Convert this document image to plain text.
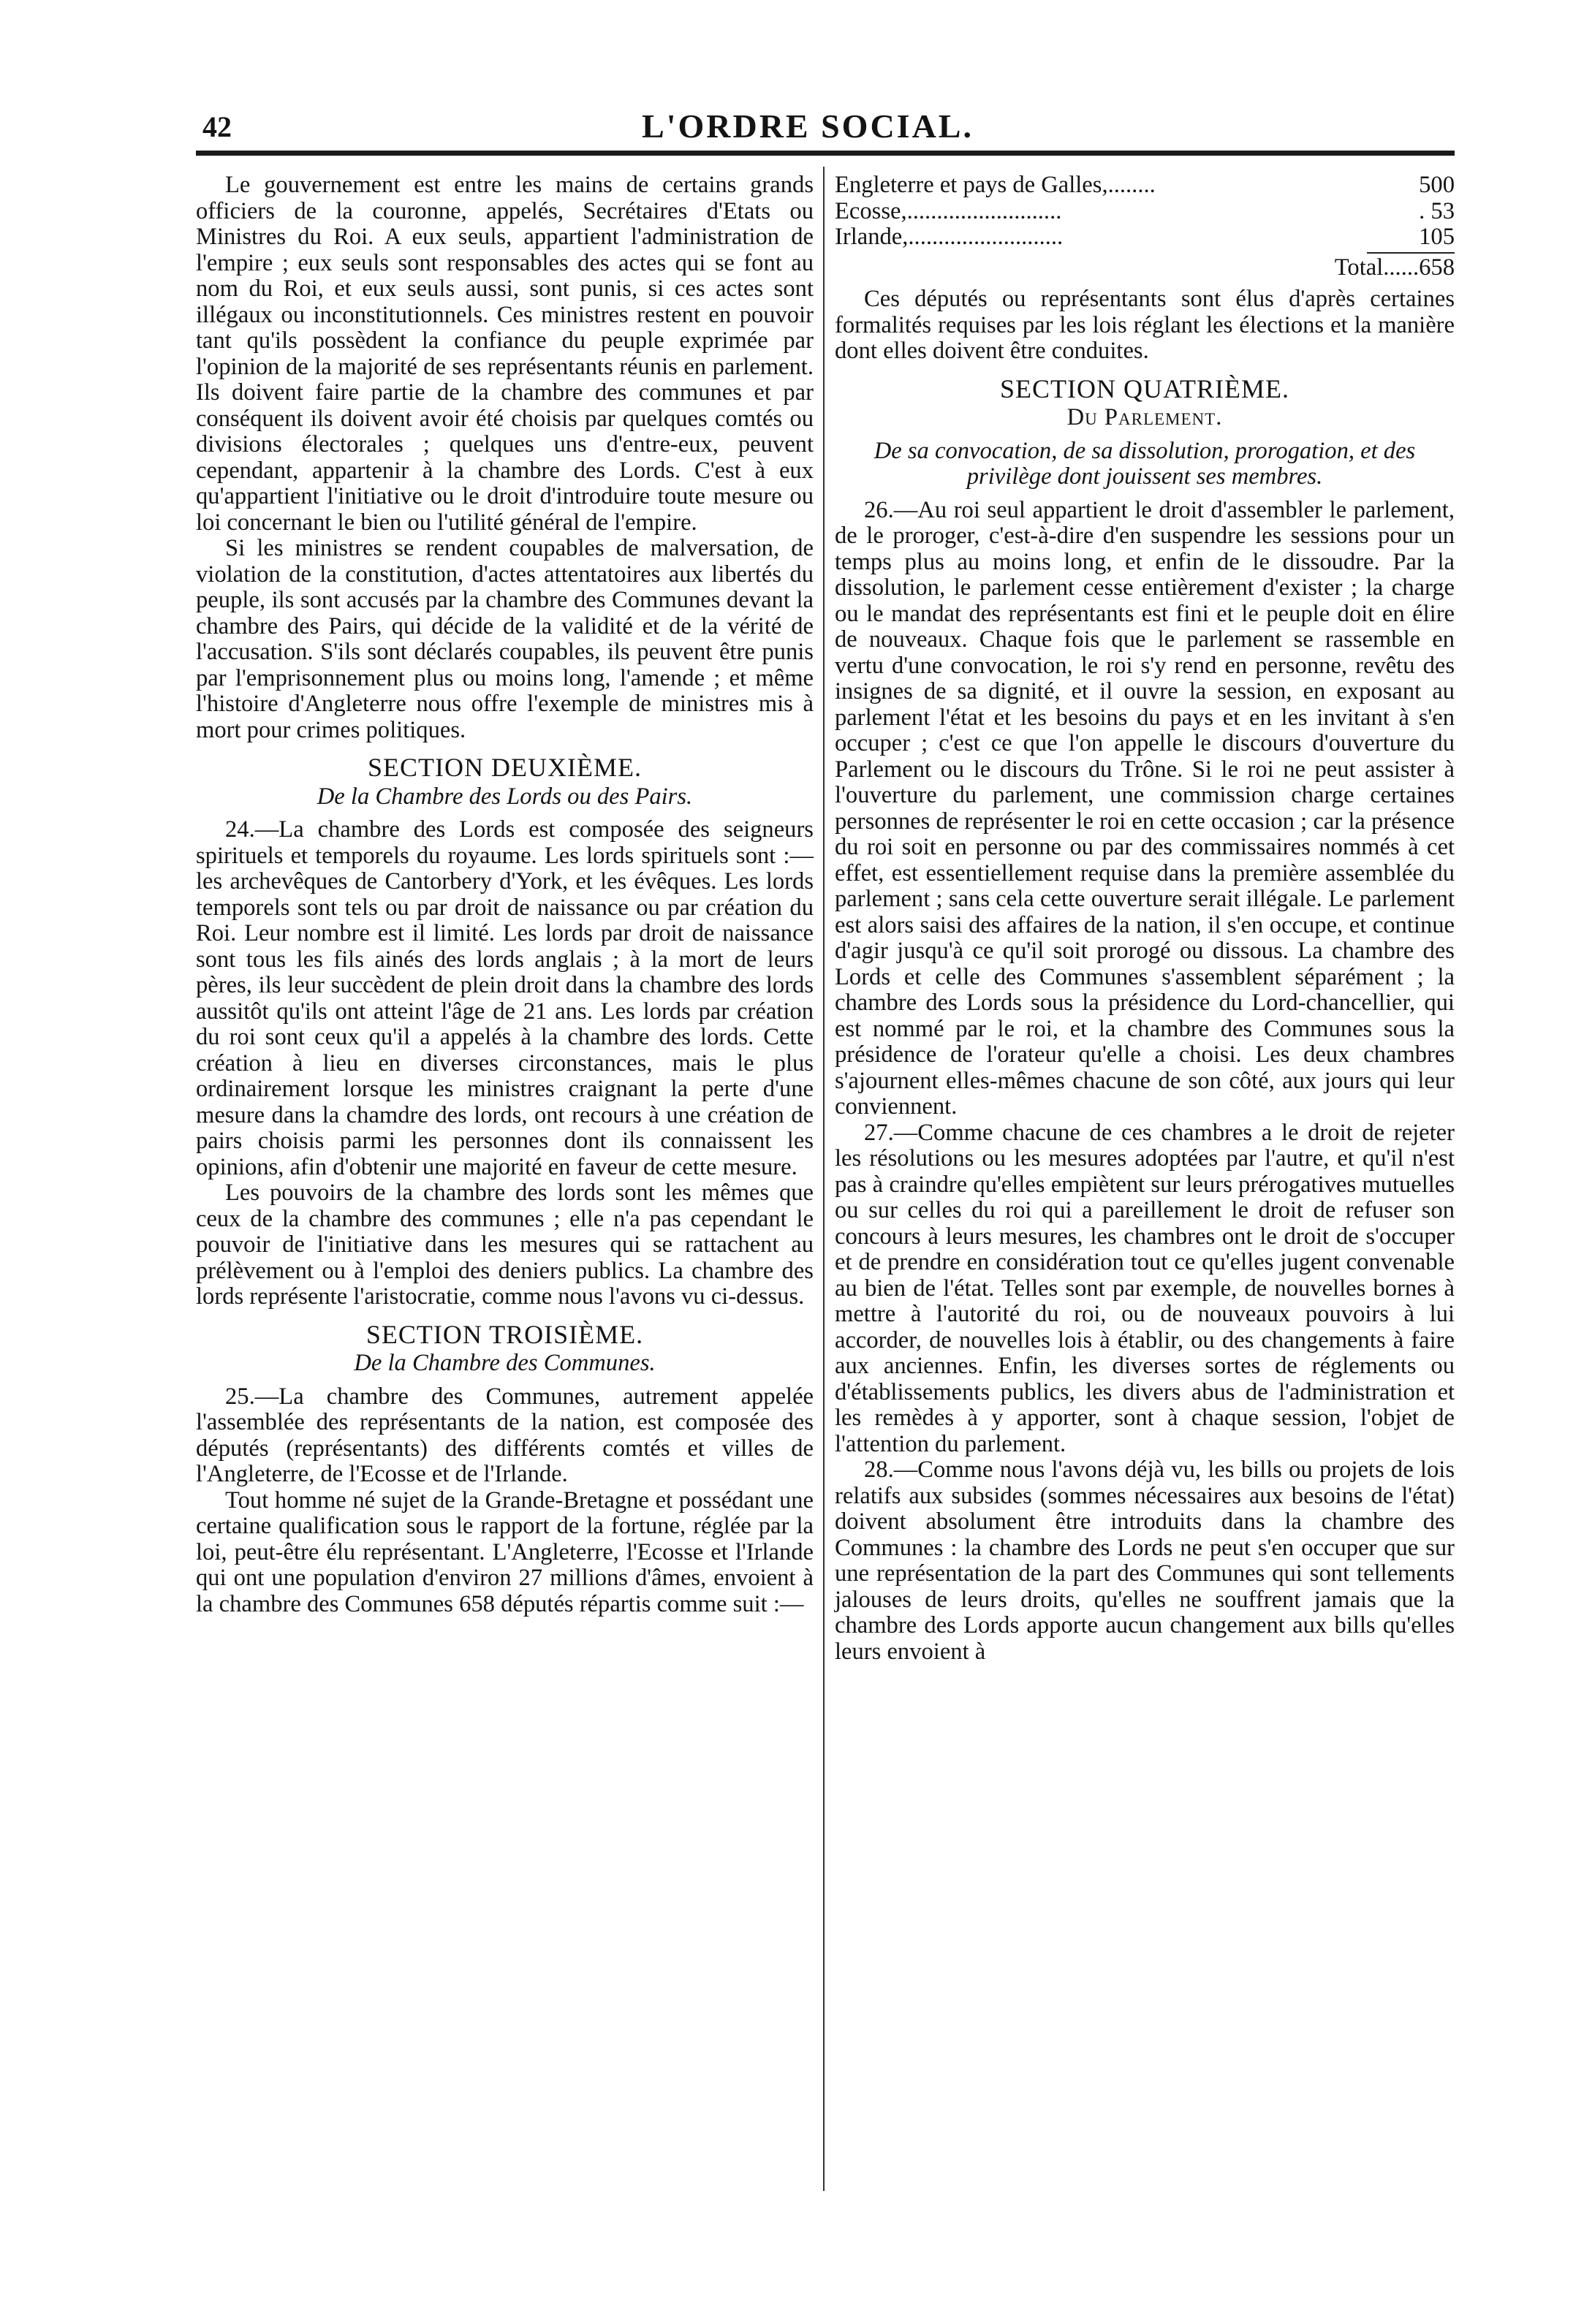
42	L'ORDRE SOCIAL.

Le gouvernement est entre les mains de certains grands officiers de la couronne, appelés, Secrétaires d'Etats ou Ministres du Roi. A eux seuls, appartient l'administration de l'empire ; eux seuls sont responsables des actes qui se font au nom du Roi, et eux seuls aussi, sont punis, si ces actes sont illégaux ou inconstitutionnels. Ces ministres restent en pouvoir tant qu'ils possèdent la confiance du peuple exprimée par l'opinion de la majorité de ses représentants réunis en parlement. Ils doivent faire partie de la chambre des communes et par conséquent ils doivent avoir été choisis par quelques comtés ou divisions électorales ; quelques uns d'entre-eux, peuvent cependant, appartenir à la chambre des Lords. C'est à eux qu'appartient l'initiative ou le droit d'introduire toute mesure ou loi concernant le bien ou l'utilité général de l'empire.

Si les ministres se rendent coupables de malversation, de violation de la constitution, d'actes attentatoires aux libertés du peuple, ils sont accusés par la chambre des Communes devant la chambre des Pairs, qui décide de la validité et de la vérité de l'accusation. S'ils sont déclarés coupables, ils peuvent être punis par l'emprisonnement plus ou moins long, l'amende ; et même l'histoire d'Angleterre nous offre l'exemple de ministres mis à mort pour crimes politiques.

SECTION DEUXIÈME.
De la Chambre des Lords ou des Pairs.

24.—La chambre des Lords est composée des seigneurs spirituels et temporels du royaume. Les lords spirituels sont :—les archevêques de Cantorbery d'York, et les évêques. Les lords temporels sont tels ou par droit de naissance ou par création du Roi. Leur nombre est il limité. Les lords par droit de naissance sont tous les fils ainés des lords anglais ; à la mort de leurs pères, ils leur succèdent de plein droit dans la chambre des lords aussitôt qu'ils ont atteint l'âge de 21 ans. Les lords par création du roi sont ceux qu'il a appelés à la chambre des lords. Cette création à lieu en diverses circonstances, mais le plus ordinairement lorsque les ministres craignant la perte d'une mesure dans la chamdre des lords, ont recours à une création de pairs choisis parmi les personnes dont ils connaissent les opinions, afin d'obtenir une majorité en faveur de cette mesure.

Les pouvoirs de la chambre des lords sont les mêmes que ceux de la chambre des communes ; elle n'a pas cependant le pouvoir de l'initiative dans les mesures qui se rattachent au prélèvement ou à l'emploi des deniers publics. La chambre des lords représente l'aristocratie, comme nous l'avons vu ci-dessus.

SECTION TROISIÈME.
De la Chambre des Communes.

25.—La chambre des Communes, autrement appelée l'assemblée des représentants de la nation, est composée des députés (représentants) des différents comtés et villes de l'Angleterre, de l'Ecosse et de l'Irlande.

Tout homme né sujet de la Grande-Bretagne et possédant une certaine qualification sous le rapport de la fortune, réglée par la loi, peut-être élu représentant. L'Angleterre, l'Ecosse et l'Irlande qui ont une population d'environ 27 millions d'âmes, envoient à la chambre des Communes 658 députés répartis comme suit :—

Engleterre et pays de Galles, ........	500
Ecosse, ..........................	. 53
Irlande, ..........................	105
Total......658

Ces députés ou représentants sont élus d'après certaines formalités requises par les lois réglant les élections et la manière dont elles doivent être conduites.

SECTION QUATRIÈME.
Du Parlement.
De sa convocation, de sa dissolution, prorogation, et des privilège dont jouissent ses membres.

26.—Au roi seul appartient le droit d'assembler le parlement, de le proroger, c'est-à-dire d'en suspendre les sessions pour un temps plus au moins long, et enfin de le dissoudre. Par la dissolution, le parlement cesse entièrement d'exister ; la charge ou le mandat des représentants est fini et le peuple doit en élire de nouveaux. Chaque fois que le parlement se rassemble en vertu d'une convocation, le roi s'y rend en personne, revêtu des insignes de sa dignité, et il ouvre la session, en exposant au parlement l'état et les besoins du pays et en les invitant à s'en occuper ; c'est ce que l'on appelle le discours d'ouverture du Parlement ou le discours du Trône. Si le roi ne peut assister à l'ouverture du parlement, une commission charge certaines personnes de représenter le roi en cette occasion ; car la présence du roi soit en personne ou par des commissaires nommés à cet effet, est essentiellement requise dans la première assemblée du parlement ; sans cela cette ouverture serait illégale. Le parlement est alors saisi des affaires de la nation, il s'en occupe, et continue d'agir jusqu'à ce qu'il soit prorogé ou dissous. La chambre des Lords et celle des Communes s'assemblent séparément ; la chambre des Lords sous la présidence du Lord-chancellier, qui est nommé par le roi, et la chambre des Communes sous la présidence de l'orateur qu'elle a choisi. Les deux chambres s'ajournent elles-mêmes chacune de son côté, aux jours qui leur conviennent.

27.—Comme chacune de ces chambres a le droit de rejeter les résolutions ou les mesures adoptées par l'autre, et qu'il n'est pas à craindre qu'elles empiètent sur leurs prérogatives mutuelles ou sur celles du roi qui a pareillement le droit de refuser son concours à leurs mesures, les chambres ont le droit de s'occuper et de prendre en considération tout ce qu'elles jugent convenable au bien de l'état. Telles sont par exemple, de nouvelles bornes à mettre à l'autorité du roi, ou de nouveaux pouvoirs à lui accorder, de nouvelles lois à établir, ou des changements à faire aux anciennes. Enfin, les diverses sortes de réglements ou d'établissements publics, les divers abus de l'administration et les remèdes à y apporter, sont à chaque session, l'objet de l'attention du parlement.

28.—Comme nous l'avons déjà vu, les bills ou projets de lois relatifs aux subsides (sommes nécessaires aux besoins de l'état) doivent absolument être introduits dans la chambre des Communes : la chambre des Lords ne peut s'en occuper que sur une représentation de la part des Communes qui sont tellements jalouses de leurs droits, qu'elles ne souffrent jamais que la chambre des Lords apporte aucun changement aux bills qu'elles leurs envoient à
